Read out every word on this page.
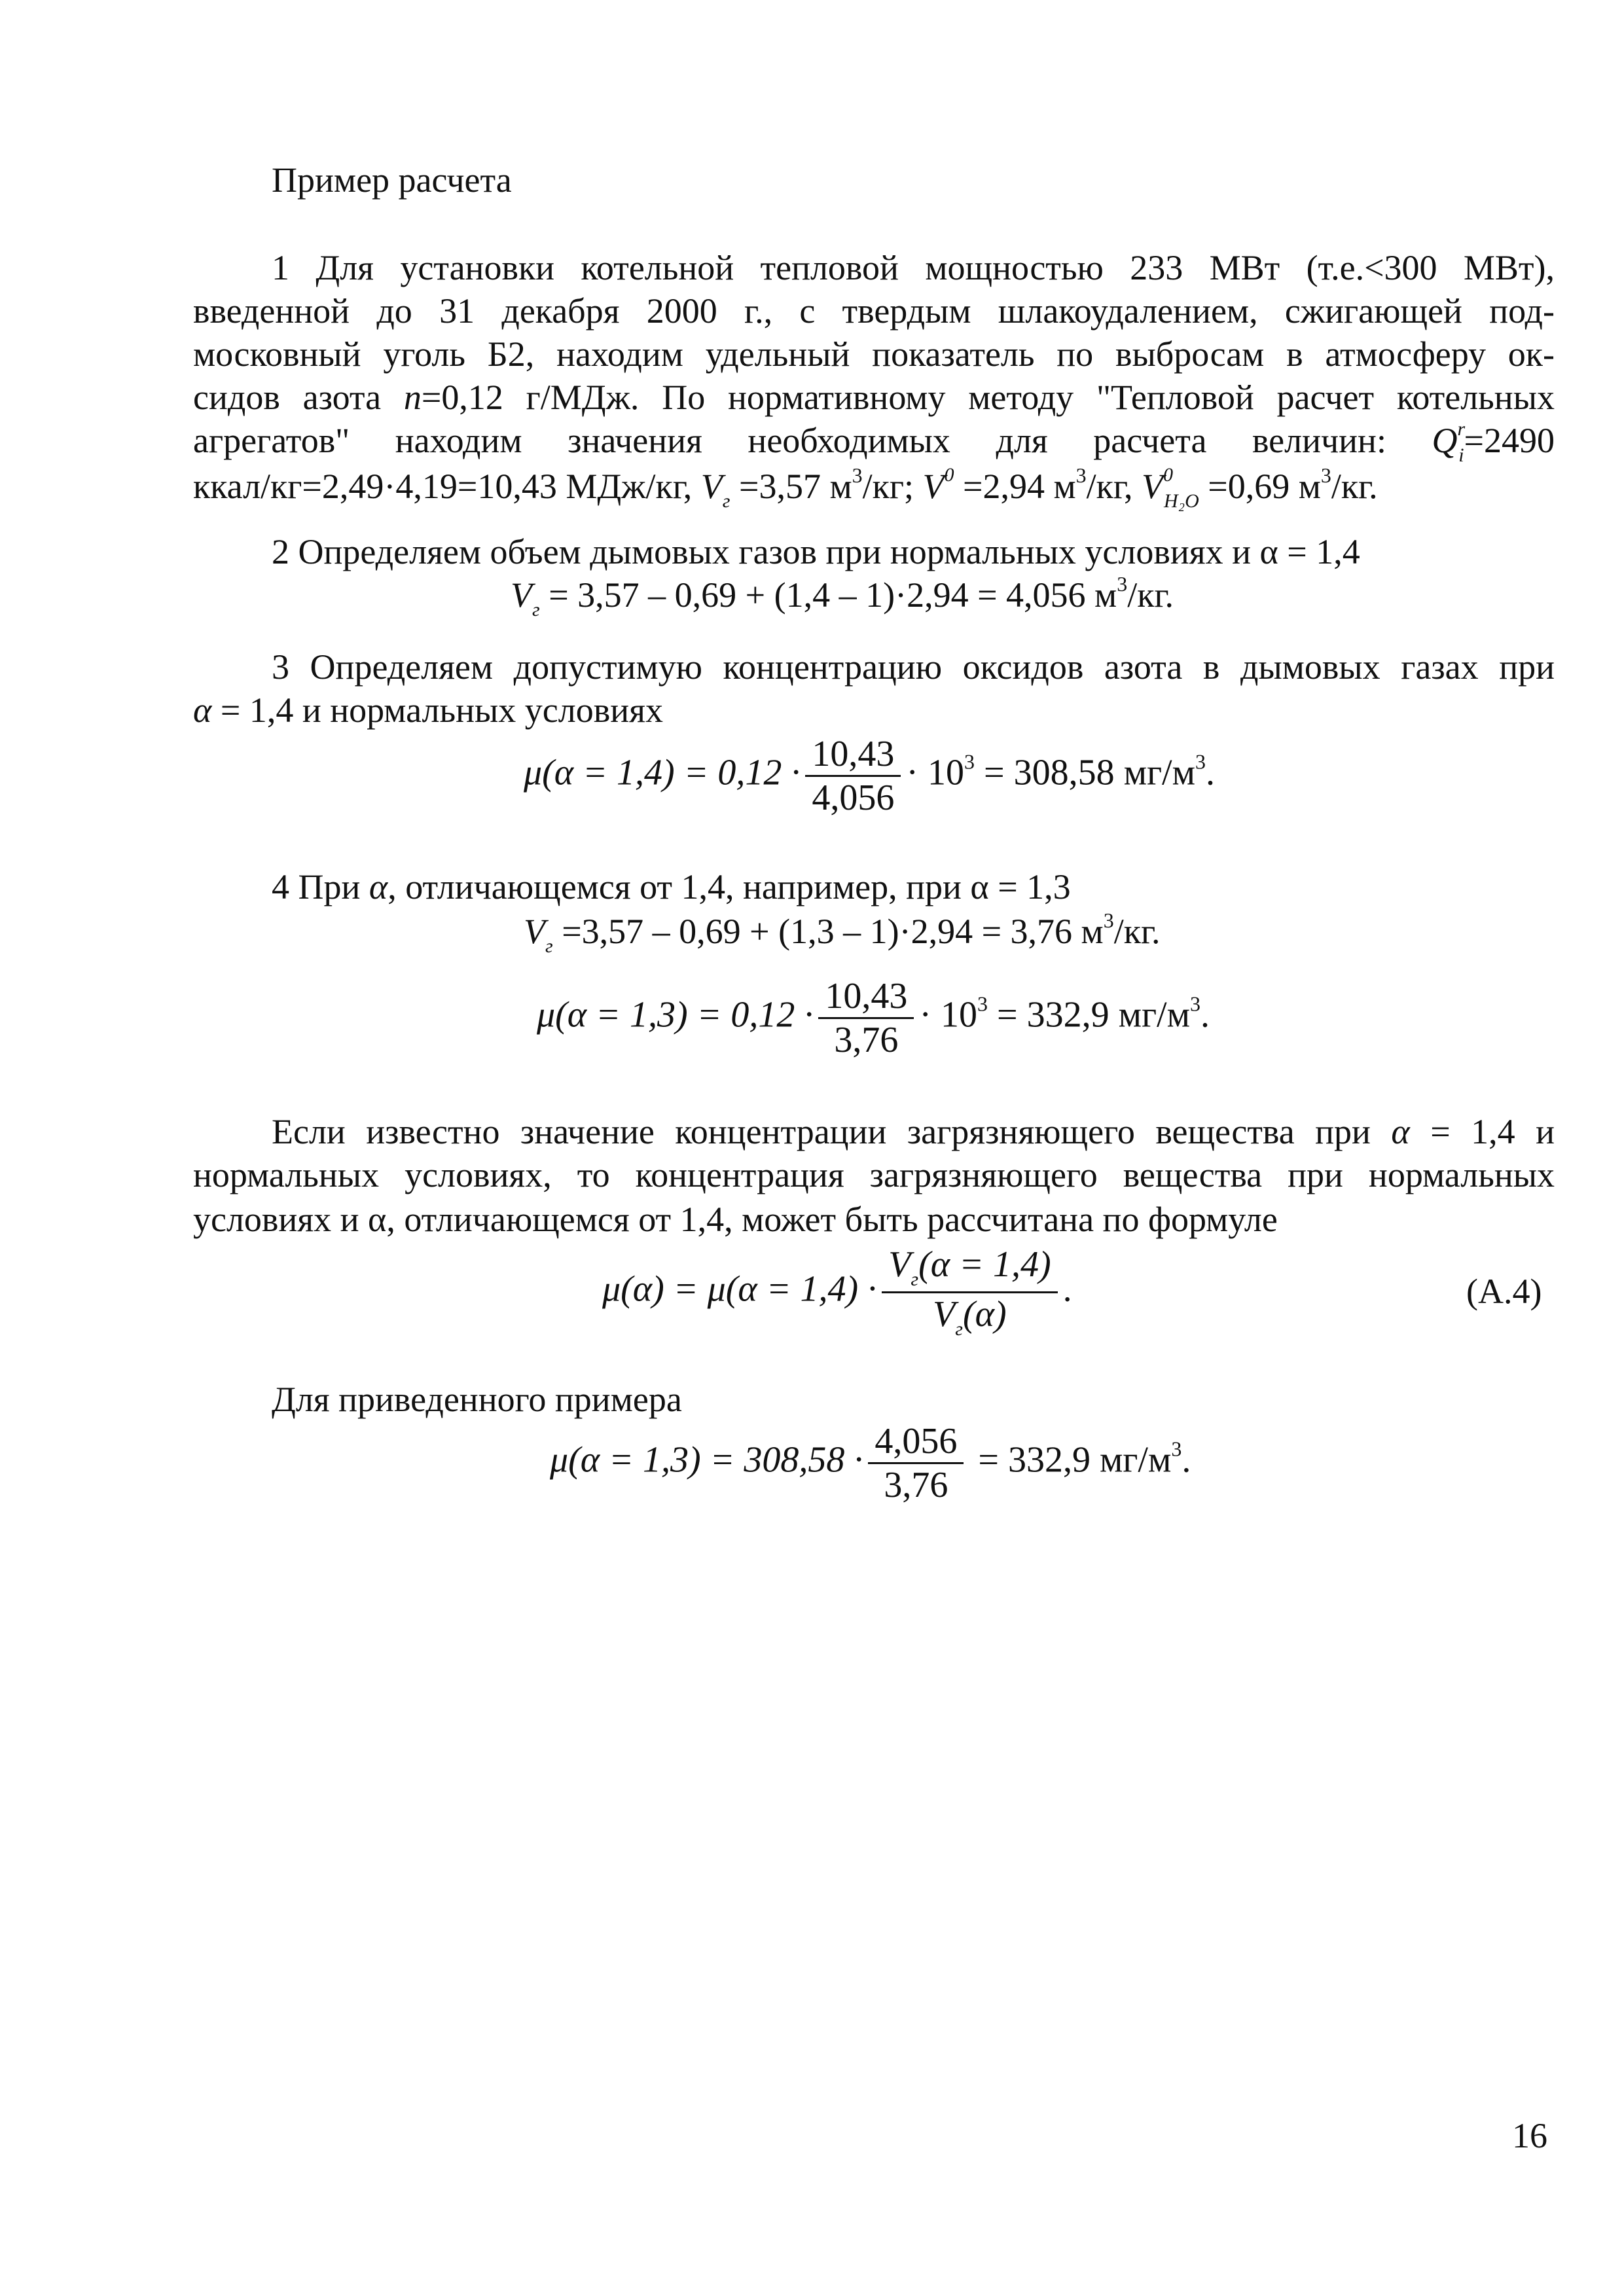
Пример расчета
1 Для установки котельной тепловой мощностью 233 МВт (т.е.<300 МВт),
введенной до 31 декабря 2000 г., с твердым шлакоудалением, сжигающей под-
московный уголь Б2, находим удельный показатель по выбросам в атмосферу ок-
сидов азота n=0,12 г/МДж. По нормативному методу "Тепловой расчет котельных
агрегатов" находим значения необходимых для расчета величин: $Q^r_i=2490$
ккал/кг=2,49·4,19=10,43 МДж/кг, $V_г =3,57$ $м^3/кг$; $V^0 =2,94$ $м^3/кг$, $V^0_{H_2O} =0,69$ $м^3/кг$.
2 Определяем объем дымовых газов при нормальных условиях и α = 1,4
$V_г = 3,57 - 0,69 + (1,4 - 1)\cdot 2,94 = 4,056$ $м^3/кг$.
3 Определяем допустимую концентрацию оксидов азота в дымовых газах при
α = 1,4 и нормальных условиях
$\mu(\alpha = 1,4) = 0,12 \cdot \frac{10,43}{4,056} \cdot 10^3 = 308,58$ $мг/м^3$.
4 При α, отличающемся от 1,4, например, при α = 1,3
$V_г =3,57 - 0,69 + (1,3 - 1)\cdot 2,94 = 3,76$ $м^3/кг$.
$\mu(\alpha = 1,3) = 0,12 \cdot \frac{10,43}{3,76} \cdot 10^3 = 332,9$ $мг/м^3$.
Если известно значение концентрации загрязняющего вещества при α = 1,4 и
нормальных условиях, то концентрация загрязняющего вещества при нормальных
условиях и α, отличающемся от 1,4, может быть рассчитана по формуле
$\mu(\alpha) = \mu(\alpha = 1,4) \cdot \frac{V_г(\alpha = 1,4)}{V_г(\alpha)}$ .	(А.4)
Для приведенного примера
$\mu(\alpha = 1,3) = 308,58 \cdot \frac{4,056}{3,76} = 332,9$ $мг/м^3$.
16
